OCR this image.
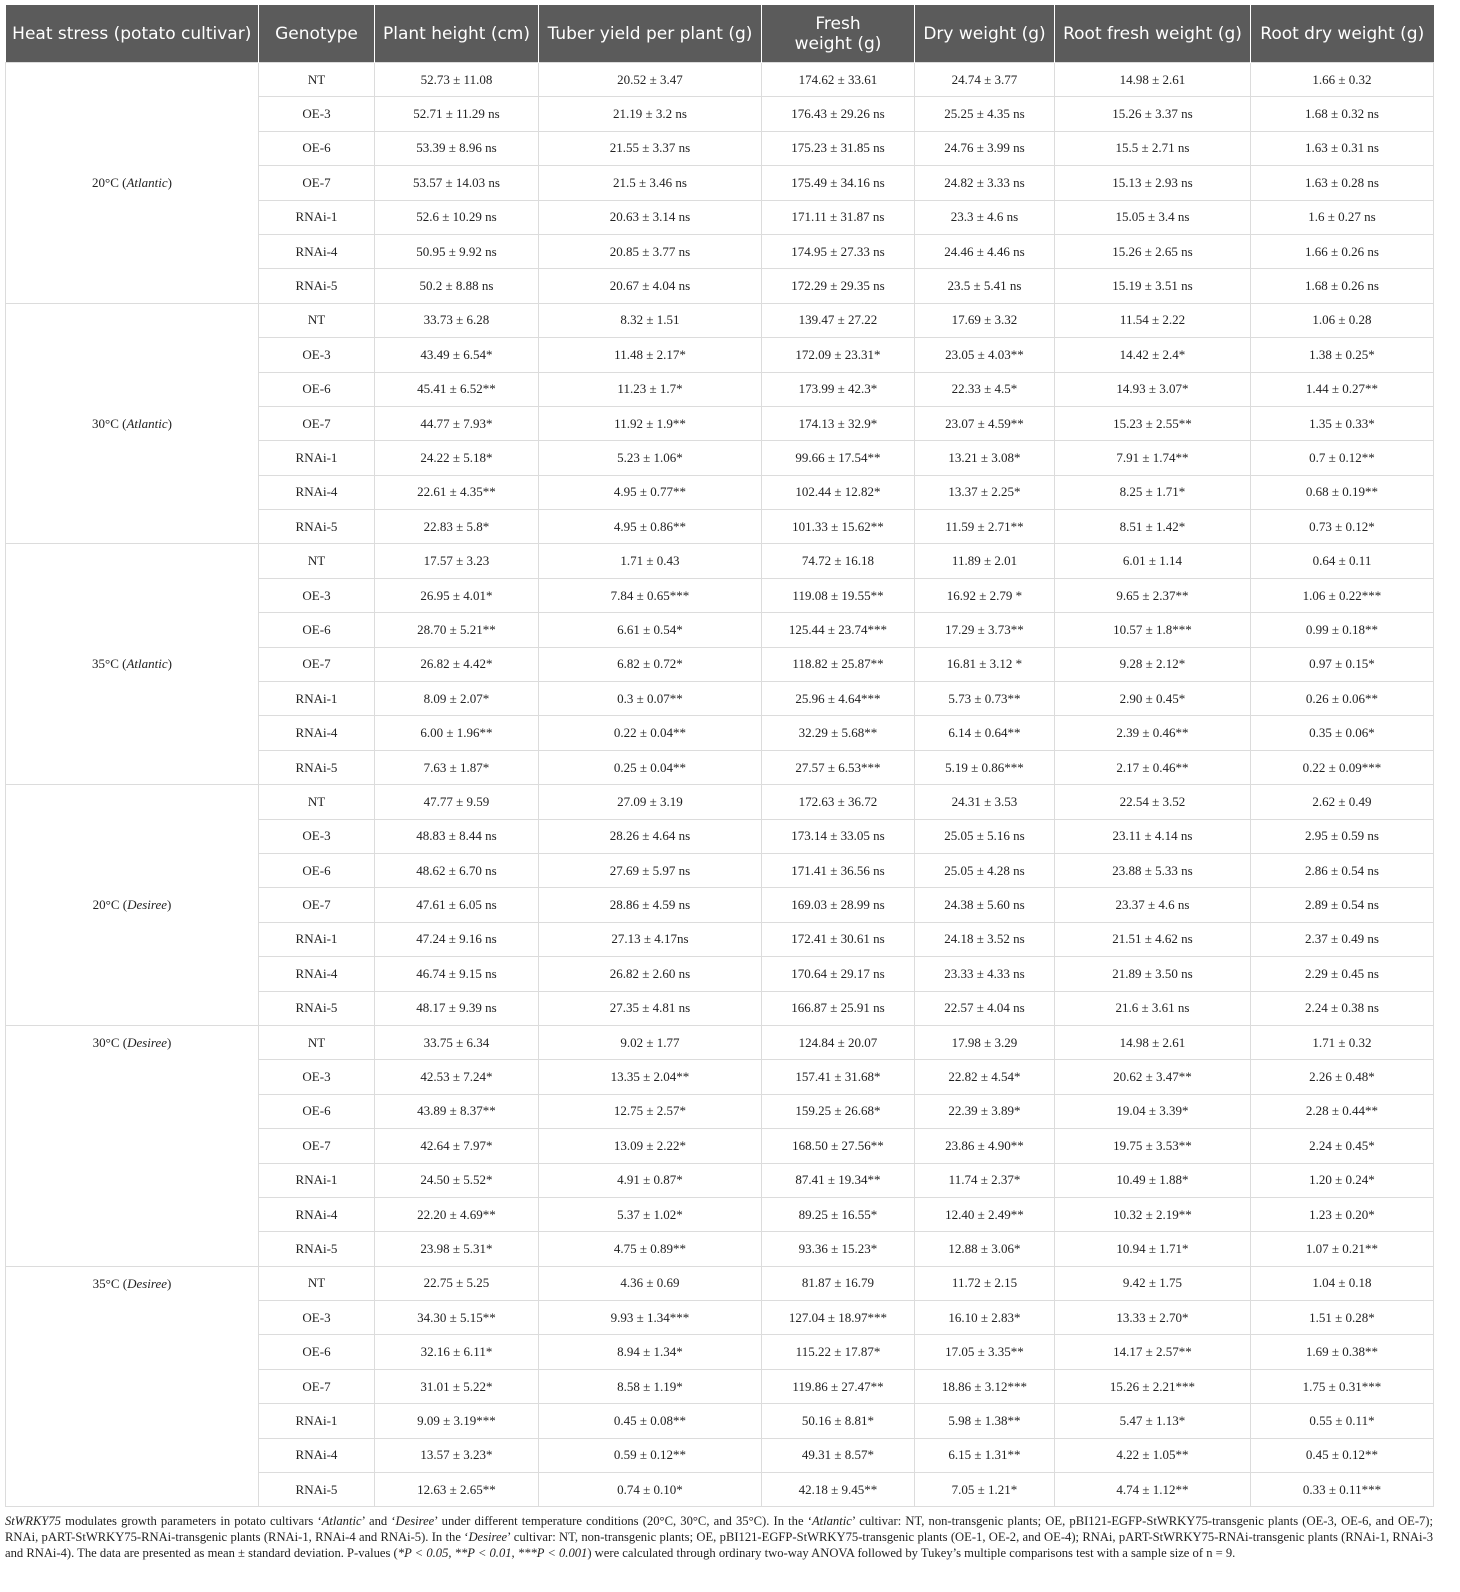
Heat stress (potato cultivar)	Genotype	Plant height (cm)	Tuber yield per plant (g)	Fresh weight (g)	Dry weight (g)	Root fresh weight (g)	Root dry weight (g)
20°C (Atlantic)	NT	52.73 ± 11.08	20.52 ± 3.47	174.62 ± 33.61	24.74 ± 3.77	14.98 ± 2.61	1.66 ± 0.32
	OE-3	52.71 ± 11.29 ns	21.19 ± 3.2 ns	176.43 ± 29.26 ns	25.25 ± 4.35 ns	15.26 ± 3.37 ns	1.68 ± 0.32 ns
	OE-6	53.39 ± 8.96 ns	21.55 ± 3.37 ns	175.23 ± 31.85 ns	24.76 ± 3.99 ns	15.5 ± 2.71 ns	1.63 ± 0.31 ns
	OE-7	53.57 ± 14.03 ns	21.5 ± 3.46 ns	175.49 ± 34.16 ns	24.82 ± 3.33 ns	15.13 ± 2.93 ns	1.63 ± 0.28 ns
	RNAi-1	52.6 ± 10.29 ns	20.63 ± 3.14 ns	171.11 ± 31.87 ns	23.3 ± 4.6 ns	15.05 ± 3.4 ns	1.6 ± 0.27 ns
	RNAi-4	50.95 ± 9.92 ns	20.85 ± 3.77 ns	174.95 ± 27.33 ns	24.46 ± 4.46 ns	15.26 ± 2.65 ns	1.66 ± 0.26 ns
	RNAi-5	50.2 ± 8.88 ns	20.67 ± 4.04 ns	172.29 ± 29.35 ns	23.5 ± 5.41 ns	15.19 ± 3.51 ns	1.68 ± 0.26 ns
30°C (Atlantic)	NT	33.73 ± 6.28	8.32 ± 1.51	139.47 ± 27.22	17.69 ± 3.32	11.54 ± 2.22	1.06 ± 0.28
	OE-3	43.49 ± 6.54*	11.48 ± 2.17*	172.09 ± 23.31*	23.05 ± 4.03**	14.42 ± 2.4*	1.38 ± 0.25*
	OE-6	45.41 ± 6.52**	11.23 ± 1.7*	173.99 ± 42.3*	22.33 ± 4.5*	14.93 ± 3.07*	1.44 ± 0.27**
	OE-7	44.77 ± 7.93*	11.92 ± 1.9**	174.13 ± 32.9*	23.07 ± 4.59**	15.23 ± 2.55**	1.35 ± 0.33*
	RNAi-1	24.22 ± 5.18*	5.23 ± 1.06*	99.66 ± 17.54**	13.21 ± 3.08*	7.91 ± 1.74**	0.7 ± 0.12**
	RNAi-4	22.61 ± 4.35**	4.95 ± 0.77**	102.44 ± 12.82*	13.37 ± 2.25*	8.25 ± 1.71*	0.68 ± 0.19**
	RNAi-5	22.83 ± 5.8*	4.95 ± 0.86**	101.33 ± 15.62**	11.59 ± 2.71**	8.51 ± 1.42*	0.73 ± 0.12*
35°C (Atlantic)	NT	17.57 ± 3.23	1.71 ± 0.43	74.72 ± 16.18	11.89 ± 2.01	6.01 ± 1.14	0.64 ± 0.11
	OE-3	26.95 ± 4.01*	7.84 ± 0.65***	119.08 ± 19.55**	16.92 ± 2.79 *	9.65 ± 2.37**	1.06 ± 0.22***
	OE-6	28.70 ± 5.21**	6.61 ± 0.54*	125.44 ± 23.74***	17.29 ± 3.73**	10.57 ± 1.8***	0.99 ± 0.18**
	OE-7	26.82 ± 4.42*	6.82 ± 0.72*	118.82 ± 25.87**	16.81 ± 3.12 *	9.28 ± 2.12*	0.97 ± 0.15*
	RNAi-1	8.09 ± 2.07*	0.3 ± 0.07**	25.96 ± 4.64***	5.73 ± 0.73**	2.90 ± 0.45*	0.26 ± 0.06**
	RNAi-4	6.00 ± 1.96**	0.22 ± 0.04**	32.29 ± 5.68**	6.14 ± 0.64**	2.39 ± 0.46**	0.35 ± 0.06*
	RNAi-5	7.63 ± 1.87*	0.25 ± 0.04**	27.57 ± 6.53***	5.19 ± 0.86***	2.17 ± 0.46**	0.22 ± 0.09***
20°C (Desiree)	NT	47.77 ± 9.59	27.09 ± 3.19	172.63 ± 36.72	24.31 ± 3.53	22.54 ± 3.52	2.62 ± 0.49
	OE-3	48.83 ± 8.44 ns	28.26 ± 4.64 ns	173.14 ± 33.05 ns	25.05 ± 5.16 ns	23.11 ± 4.14 ns	2.95 ± 0.59 ns
	OE-6	48.62 ± 6.70 ns	27.69 ± 5.97 ns	171.41 ± 36.56 ns	25.05 ± 4.28 ns	23.88 ± 5.33 ns	2.86 ± 0.54 ns
	OE-7	47.61 ± 6.05 ns	28.86 ± 4.59 ns	169.03 ± 28.99 ns	24.38 ± 5.60 ns	23.37 ± 4.6 ns	2.89 ± 0.54 ns
	RNAi-1	47.24 ± 9.16 ns	27.13 ± 4.17ns	172.41 ± 30.61 ns	24.18 ± 3.52 ns	21.51 ± 4.62 ns	2.37 ± 0.49 ns
	RNAi-4	46.74 ± 9.15 ns	26.82 ± 2.60 ns	170.64 ± 29.17 ns	23.33 ± 4.33 ns	21.89 ± 3.50 ns	2.29 ± 0.45 ns
	RNAi-5	48.17 ± 9.39 ns	27.35 ± 4.81 ns	166.87 ± 25.91 ns	22.57 ± 4.04 ns	21.6 ± 3.61 ns	2.24 ± 0.38 ns
30°C (Desiree)	NT	33.75 ± 6.34	9.02 ± 1.77	124.84 ± 20.07	17.98 ± 3.29	14.98 ± 2.61	1.71 ± 0.32
	OE-3	42.53 ± 7.24*	13.35 ± 2.04**	157.41 ± 31.68*	22.82 ± 4.54*	20.62 ± 3.47**	2.26 ± 0.48*
	OE-6	43.89 ± 8.37**	12.75 ± 2.57*	159.25 ± 26.68*	22.39 ± 3.89*	19.04 ± 3.39*	2.28 ± 0.44**
	OE-7	42.64 ± 7.97*	13.09 ± 2.22*	168.50 ± 27.56**	23.86 ± 4.90**	19.75 ± 3.53**	2.24 ± 0.45*
	RNAi-1	24.50 ± 5.52*	4.91 ± 0.87*	87.41 ± 19.34**	11.74 ± 2.37*	10.49 ± 1.88*	1.20 ± 0.24*
	RNAi-4	22.20 ± 4.69**	5.37 ± 1.02*	89.25 ± 16.55*	12.40 ± 2.49**	10.32 ± 2.19**	1.23 ± 0.20*
	RNAi-5	23.98 ± 5.31*	4.75 ± 0.89**	93.36 ± 15.23*	12.88 ± 3.06*	10.94 ± 1.71*	1.07 ± 0.21**
35°C (Desiree)	NT	22.75 ± 5.25	4.36 ± 0.69	81.87 ± 16.79	11.72 ± 2.15	9.42 ± 1.75	1.04 ± 0.18
	OE-3	34.30 ± 5.15**	9.93 ± 1.34***	127.04 ± 18.97***	16.10 ± 2.83*	13.33 ± 2.70*	1.51 ± 0.28*
	OE-6	32.16 ± 6.11*	8.94 ± 1.34*	115.22 ± 17.87*	17.05 ± 3.35**	14.17 ± 2.57**	1.69 ± 0.38**
	OE-7	31.01 ± 5.22*	8.58 ± 1.19*	119.86 ± 27.47**	18.86 ± 3.12***	15.26 ± 2.21***	1.75 ± 0.31***
	RNAi-1	9.09 ± 3.19***	0.45 ± 0.08**	50.16 ± 8.81*	5.98 ± 1.38**	5.47 ± 1.13*	0.55 ± 0.11*
	RNAi-4	13.57 ± 3.23*	0.59 ± 0.12**	49.31 ± 8.57*	6.15 ± 1.31**	4.22 ± 1.05**	0.45 ± 0.12**
	RNAi-5	12.63 ± 2.65**	0.74 ± 0.10*	42.18 ± 9.45**	7.05 ± 1.21*	4.74 ± 1.12**	0.33 ± 0.11***
StWRKY75 modulates growth parameters in potato cultivars ‘Atlantic’ and ‘Desiree’ under different temperature conditions (20°C, 30°C, and 35°C). In the ‘Atlantic’ cultivar: NT, non-transgenic plants; OE, pBI121-EGFP-StWRKY75-transgenic plants (OE-3, OE-6, and OE-7); RNAi, pART-StWRKY75-RNAi-transgenic plants (RNAi-1, RNAi-4 and RNAi-5). In the ‘Desiree’ cultivar: NT, non-transgenic plants; OE, pBI121-EGFP-StWRKY75-transgenic plants (OE-1, OE-2, and OE-4); RNAi, pART-StWRKY75-RNAi-transgenic plants (RNAi-1, RNAi-3 and RNAi-4). The data are presented as mean ± standard deviation. P-values (*P < 0.05, **P < 0.01, ***P < 0.001) were calculated through ordinary two-way ANOVA followed by Tukey’s multiple comparisons test with a sample size of n = 9.
